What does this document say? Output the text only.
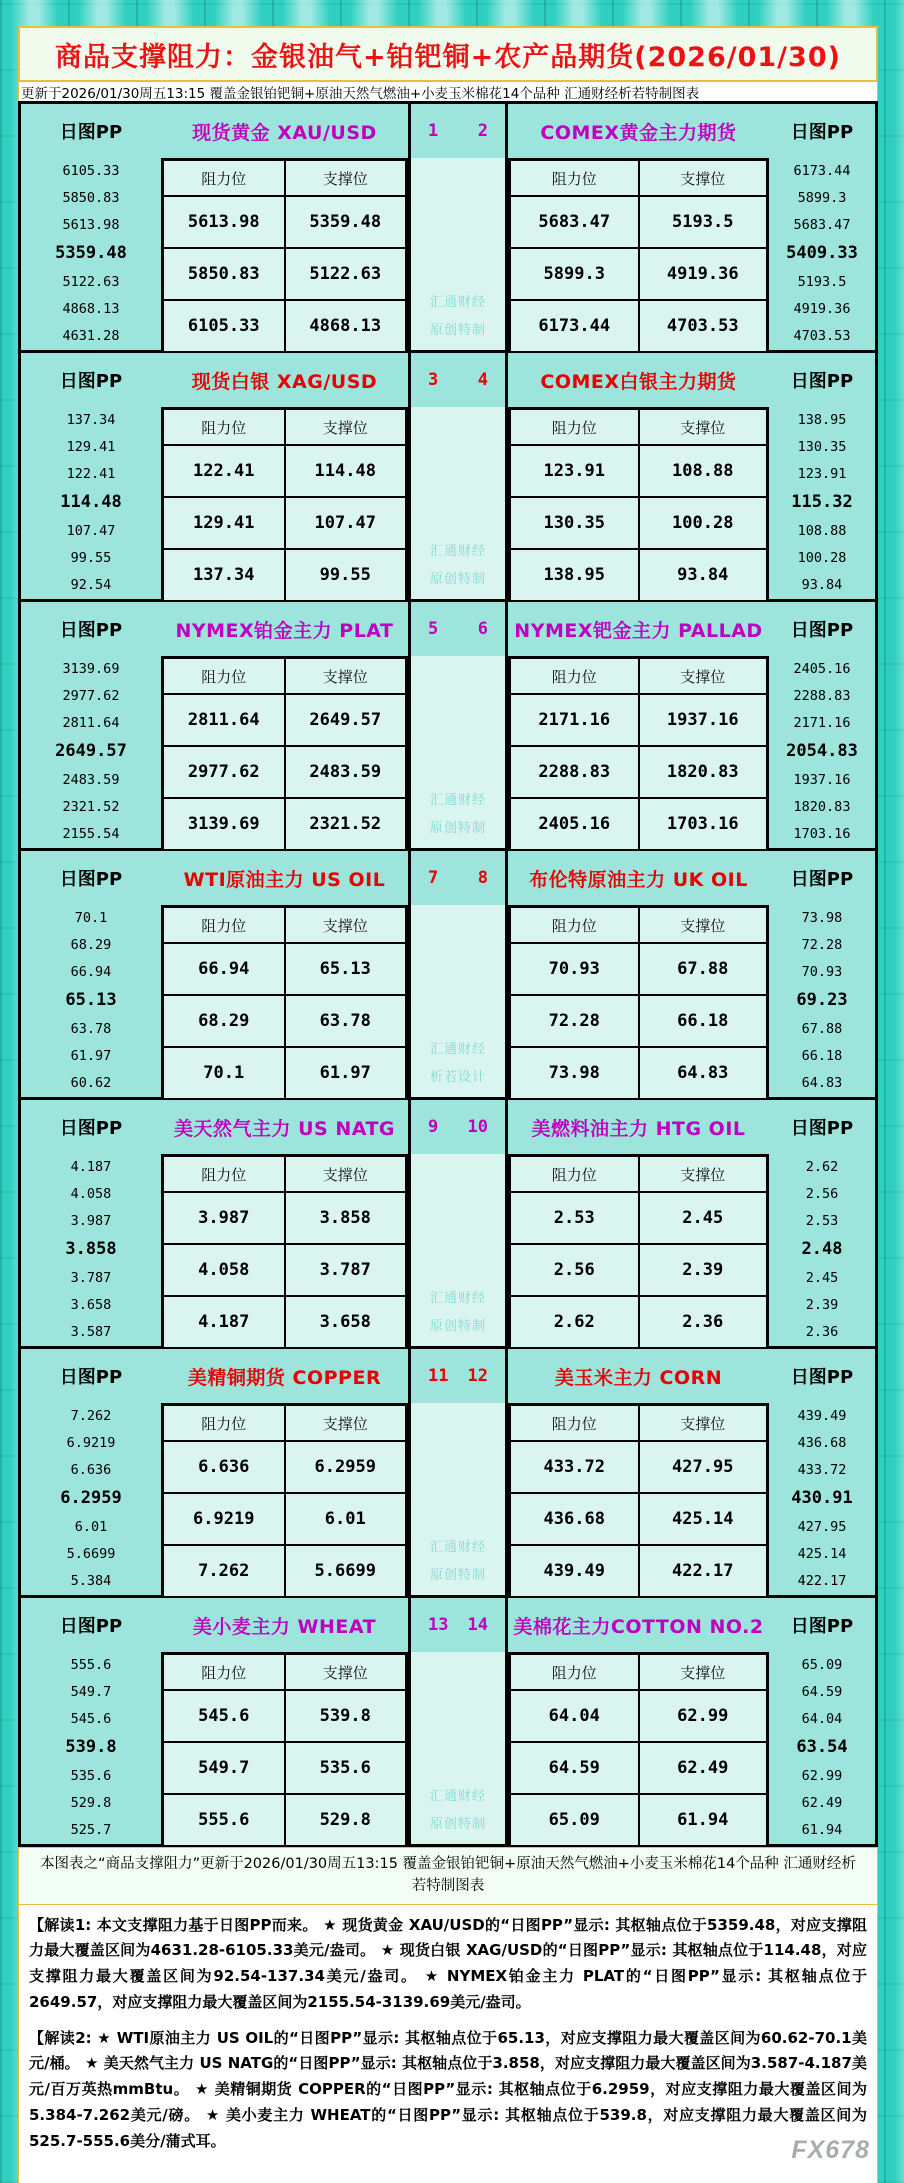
商品支撑阻力：金银油气+铂钯铜+农产品期货(2026/01/30)
更新于2026/01/30周五13:15 覆盖金银铂钯铜+原油天然气燃油+小麦玉米棉花14个品种 汇通财经析若特制图表
日图PP
6105.33
5850.83
5613.98
5359.48
5122.63
4868.13
4631.28
现货黄金 XAU/USD
阻力位	支撑位
5613.98	5359.48
5850.83	5122.63
6105.33	4868.13
1 2
汇通财经
原创特制
COMEX黄金主力期货
阻力位	支撑位
5683.47	5193.5
5899.3	4919.36
6173.44	4703.53
日图PP
6173.44
5899.3
5683.47
5409.33
5193.5
4919.36
4703.53
日图PP
137.34
129.41
122.41
114.48
107.47
99.55
92.54
现货白银 XAG/USD
阻力位	支撑位
122.41	114.48
129.41	107.47
137.34	99.55
3 4
汇通财经
原创特制
COMEX白银主力期货
阻力位	支撑位
123.91	108.88
130.35	100.28
138.95	93.84
日图PP
138.95
130.35
123.91
115.32
108.88
100.28
93.84
日图PP
3139.69
2977.62
2811.64
2649.57
2483.59
2321.52
2155.54
NYMEX铂金主力 PLAT
阻力位	支撑位
2811.64	2649.57
2977.62	2483.59
3139.69	2321.52
5 6
汇通财经
原创特制
NYMEX钯金主力 PALLAD
阻力位	支撑位
2171.16	1937.16
2288.83	1820.83
2405.16	1703.16
日图PP
2405.16
2288.83
2171.16
2054.83
1937.16
1820.83
1703.16
日图PP
70.1
68.29
66.94
65.13
63.78
61.97
60.62
WTI原油主力 US OIL
阻力位	支撑位
66.94	65.13
68.29	63.78
70.1	61.97
7 8
汇通财经
析若设计
布伦特原油主力 UK OIL
阻力位	支撑位
70.93	67.88
72.28	66.18
73.98	64.83
日图PP
73.98
72.28
70.93
69.23
67.88
66.18
64.83
日图PP
4.187
4.058
3.987
3.858
3.787
3.658
3.587
美天然气主力 US NATG
阻力位	支撑位
3.987	3.858
4.058	3.787
4.187	3.658
9 10
汇通财经
原创特制
美燃料油主力 HTG OIL
阻力位	支撑位
2.53	2.45
2.56	2.39
2.62	2.36
日图PP
2.62
2.56
2.53
2.48
2.45
2.39
2.36
日图PP
7.262
6.9219
6.636
6.2959
6.01
5.6699
5.384
美精铜期货 COPPER
阻力位	支撑位
6.636	6.2959
6.9219	6.01
7.262	5.6699
11 12
汇通财经
原创特制
美玉米主力 CORN
阻力位	支撑位
433.72	427.95
436.68	425.14
439.49	422.17
日图PP
439.49
436.68
433.72
430.91
427.95
425.14
422.17
日图PP
555.6
549.7
545.6
539.8
535.6
529.8
525.7
美小麦主力 WHEAT
阻力位	支撑位
545.6	539.8
549.7	535.6
555.6	529.8
13 14
汇通财经
原创特制
美棉花主力COTTON NO.2
阻力位	支撑位
64.04	62.99
64.59	62.49
65.09	61.94
日图PP
65.09
64.59
64.04
63.54
62.99
62.49
61.94
本图表之“商品支撑阻力”更新于2026/01/30周五13:15 覆盖金银铂钯铜+原油天然气燃油+小麦玉米棉花14个品种 汇通财经析若特制图表

【解读1: 本文支撑阻力基于日图PP而来。 ★ 现货黄金 XAU/USD的“日图PP”显示: 其枢轴点位于5359.48，对应支撑阻力最大覆盖区间为4631.28-6105.33美元/盎司。 ★ 现货白银 XAG/USD的“日图PP”显示: 其枢轴点位于114.48，对应支撑阻力最大覆盖区间为92.54-137.34美元/盎司。 ★ NYMEX铂金主力 PLAT的“日图PP”显示: 其枢轴点位于2649.57，对应支撑阻力最大覆盖区间为2155.54-3139.69美元/盎司。

【解读2: ★ WTI原油主力 US OIL的“日图PP”显示: 其枢轴点位于65.13，对应支撑阻力最大覆盖区间为60.62-70.1美元/桶。 ★ 美天然气主力 US NATG的“日图PP”显示: 其枢轴点位于3.858，对应支撑阻力最大覆盖区间为3.587-4.187美元/百万英热mmBtu。 ★ 美精铜期货 COPPER的“日图PP”显示: 其枢轴点位于6.2959，对应支撑阻力最大覆盖区间为5.384-7.262美元/磅。 ★ 美小麦主力 WHEAT的“日图PP”显示: 其枢轴点位于539.8，对应支撑阻力最大覆盖区间为525.7-555.6美分/蒲式耳。	FX678
